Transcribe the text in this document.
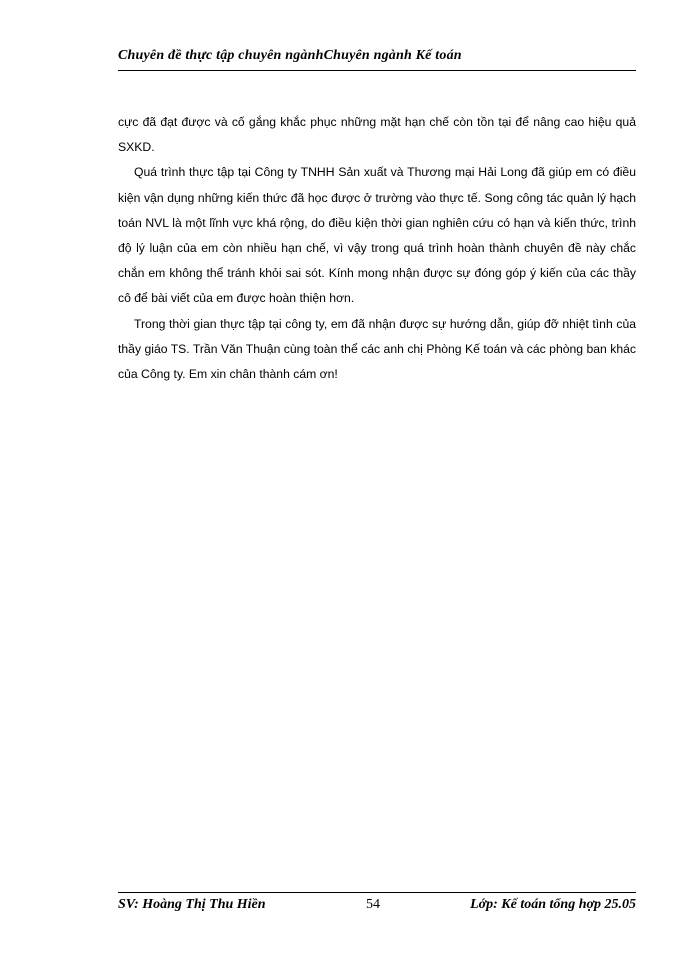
Chuyên đề thực tập chuyên ngànhChuyên ngành Kế toán

cực đã đạt được và cố gắng khắc phục những mặt hạn chế còn tồn tại để nâng cao hiệu quả SXKD.

Quá trình thực tập tại Công ty TNHH Sản xuất và Thương mại Hải Long đã giúp em có điều kiện vận dụng những kiến thức đã học được ở trường vào thực tế. Song công tác quản lý hạch toán NVL là một lĩnh vực khá rộng, do điều kiện thời gian nghiên cứu có hạn và kiến thức, trình độ lý luận của em còn nhiều hạn chế, vì vậy trong quá trình hoàn thành chuyên đề này chắc chắn em không thể tránh khỏi sai sót. Kính mong nhận được sự đóng góp ý kiến của các thầy cô để bài viết của em được hoàn thiện hơn.

Trong thời gian thực tập tại công ty, em đã nhận được sự hướng dẫn, giúp đỡ nhiệt tình của thầy giáo TS. Trần Văn Thuận cùng toàn thể các anh chị Phòng Kế toán và các phòng ban khác của Công ty. Em xin chân thành cám ơn!

SV: Hoàng Thị Thu Hiền	54	Lớp: Kế toán tổng hợp 25.05
